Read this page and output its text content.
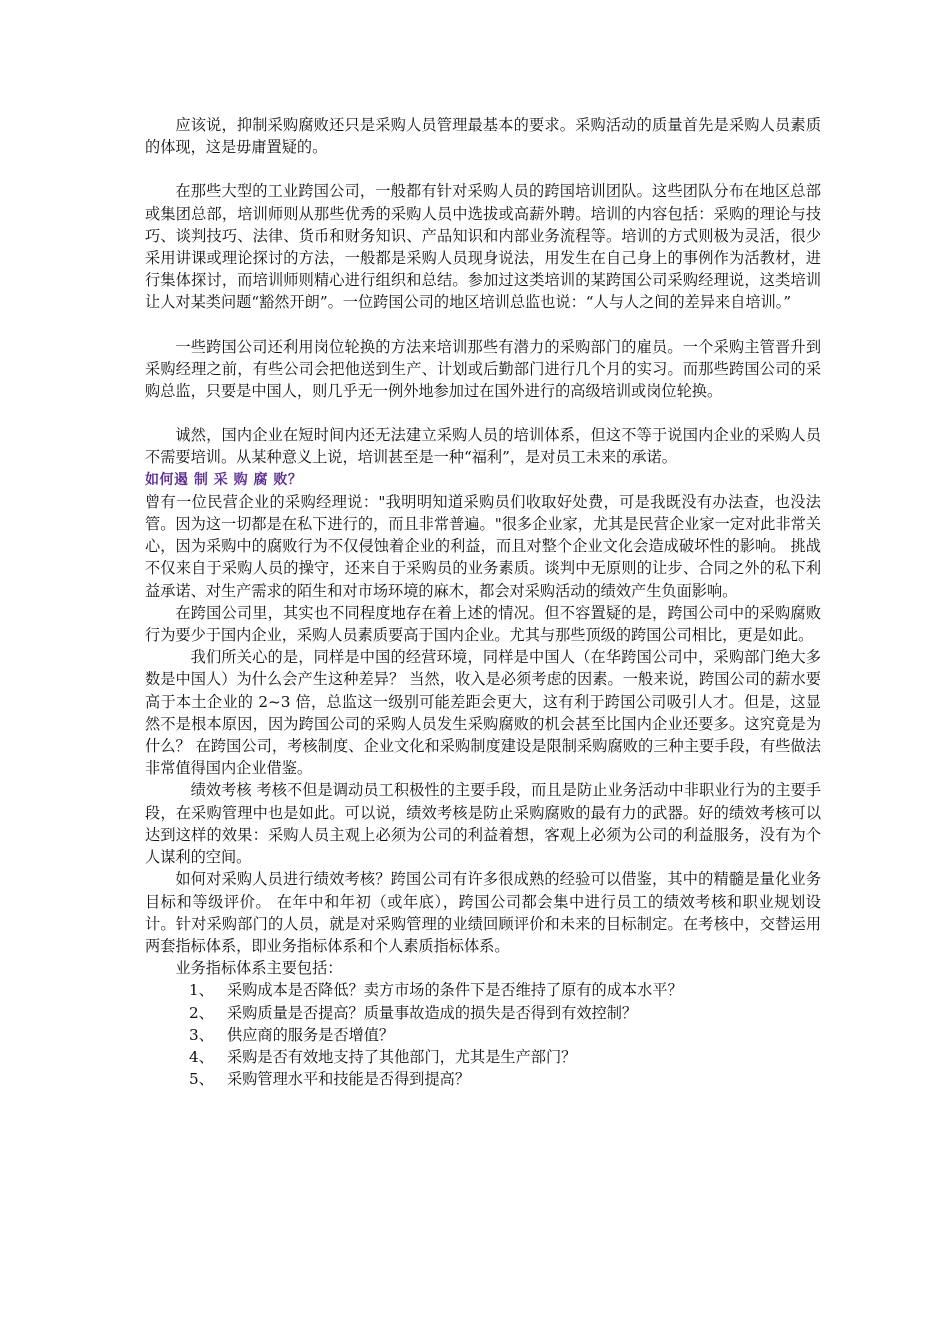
应该说，抑制采购腐败还只是采购人员管理最基本的要求。采购活动的质量首先是采购人员素质的体现，这是毋庸置疑的。

在那些大型的工业跨国公司，一般都有针对采购人员的跨国培训团队。这些团队分布在地区总部或集团总部，培训师则从那些优秀的采购人员中选拔或高薪外聘。培训的内容包括：采购的理论与技巧、谈判技巧、法律、货币和财务知识、产品知识和内部业务流程等。培训的方式则极为灵活，很少采用讲课或理论探讨的方法，一般都是采购人员现身说法，用发生在自己身上的事例作为活教材，进行集体探讨，而培训师则精心进行组织和总结。参加过这类培训的某跨国公司采购经理说，这类培训让人对某类问题“豁然开朗”。一位跨国公司的地区培训总监也说：“人与人之间的差异来自培训。”

一些跨国公司还利用岗位轮换的方法来培训那些有潜力的采购部门的雇员。一个采购主管晋升到采购经理之前，有些公司会把他送到生产、计划或后勤部门进行几个月的实习。而那些跨国公司的采购总监，只要是中国人，则几乎无一例外地参加过在国外进行的高级培训或岗位轮换。

诚然，国内企业在短时间内还无法建立采购人员的培训体系，但这不等于说国内企业的采购人员不需要培训。从某种意义上说，培训甚至是一种“福利”，是对员工未来的承诺。

如何遏 制 采 购 腐 败？

曾有一位民营企业的采购经理说："我明明知道采购员们收取好处费，可是我既没有办法查，也没法管。因为这一切都是在私下进行的，而且非常普遍。"很多企业家，尤其是民营企业家一定对此非常关心，因为采购中的腐败行为不仅侵蚀着企业的利益，而且对整个企业文化会造成破坏性的影响。 挑战不仅来自于采购人员的操守，还来自于采购员的业务素质。谈判中无原则的让步、合同之外的私下利益承诺、对生产需求的陌生和对市场环境的麻木，都会对采购活动的绩效产生负面影响。

在跨国公司里，其实也不同程度地存在着上述的情况。但不容置疑的是，跨国公司中的采购腐败行为要少于国内企业，采购人员素质要高于国内企业。尤其与那些顶级的跨国公司相比，更是如此。

我们所关心的是，同样是中国的经营环境，同样是中国人（在华跨国公司中，采购部门绝大多数是中国人）为什么会产生这种差异？ 当然，收入是必须考虑的因素。一般来说，跨国公司的薪水要高于本土企业的 2~3 倍，总监这一级别可能差距会更大，这有利于跨国公司吸引人才。但是，这显然不是根本原因，因为跨国公司的采购人员发生采购腐败的机会甚至比国内企业还要多。这究竟是为什么？ 在跨国公司，考核制度、企业文化和采购制度建设是限制采购腐败的三种主要手段，有些做法非常值得国内企业借鉴。

绩效考核 考核不但是调动员工积极性的主要手段，而且是防止业务活动中非职业行为的主要手段，在采购管理中也是如此。可以说，绩效考核是防止采购腐败的最有力的武器。好的绩效考核可以达到这样的效果：采购人员主观上必须为公司的利益着想，客观上必须为公司的利益服务，没有为个人谋利的空间。

如何对采购人员进行绩效考核？跨国公司有许多很成熟的经验可以借鉴，其中的精髓是量化业务目标和等级评价。 在年中和年初（或年底），跨国公司都会集中进行员工的绩效考核和职业规划设计。针对采购部门的人员，就是对采购管理的业绩回顾评价和未来的目标制定。在考核中，交替运用两套指标体系，即业务指标体系和个人素质指标体系。

业务指标体系主要包括：

1、 采购成本是否降低？卖方市场的条件下是否维持了原有的成本水平？
2、 采购质量是否提高？质量事故造成的损失是否得到有效控制？
3、 供应商的服务是否增值？
4、 采购是否有效地支持了其他部门，尤其是生产部门？
5、 采购管理水平和技能是否得到提高？
